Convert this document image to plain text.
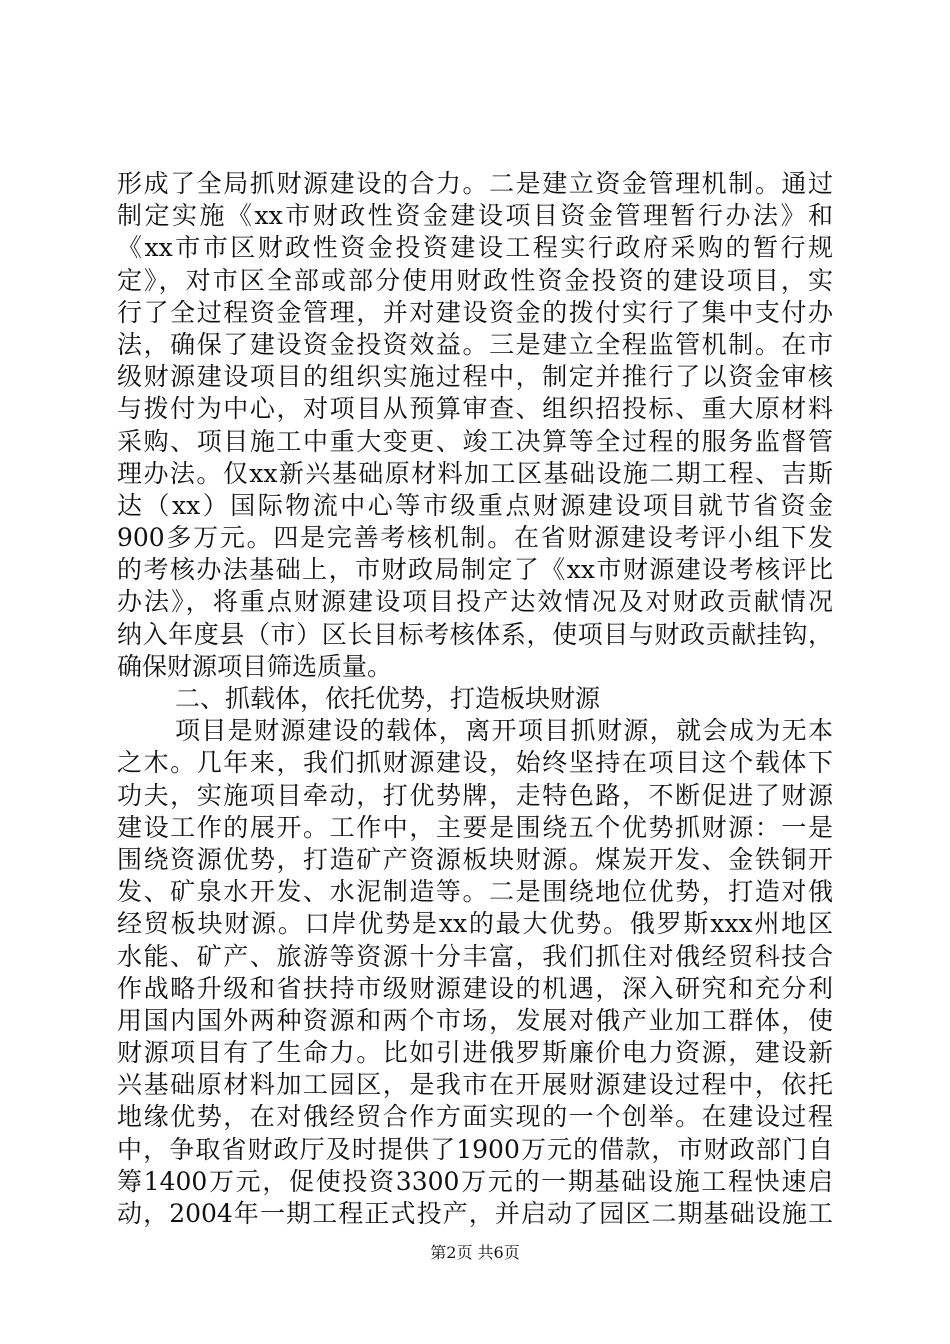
形成了全局抓财源建设的合力。二是建立资金管理机制。通过
制定实施《xx市财政性资金建设项目资金管理暂行办法》和
《xx市市区财政性资金投资建设工程实行政府采购的暂行规
定》，对市区全部或部分使用财政性资金投资的建设项目，实
行了全过程资金管理，并对建设资金的拨付实行了集中支付办
法，确保了建设资金投资效益。三是建立全程监管机制。在市
级财源建设项目的组织实施过程中，制定并推行了以资金审核
与拨付为中心，对项目从预算审查、组织招投标、重大原材料
采购、项目施工中重大变更、竣工决算等全过程的服务监督管
理办法。仅xx新兴基础原材料加工区基础设施二期工程、吉斯
达（xx）国际物流中心等市级重点财源建设项目就节省资金
900多万元。四是完善考核机制。在省财源建设考评小组下发
的考核办法基础上，市财政局制定了《xx市财源建设考核评比
办法》，将重点财源建设项目投产达效情况及对财政贡献情况
纳入年度县（市）区长目标考核体系，使项目与财政贡献挂钩，
确保财源项目筛选质量。
二、抓载体，依托优势，打造板块财源
项目是财源建设的载体，离开项目抓财源，就会成为无本
之木。几年来，我们抓财源建设，始终坚持在项目这个载体下
功夫，实施项目牵动，打优势牌，走特色路，不断促进了财源
建设工作的展开。工作中，主要是围绕五个优势抓财源：一是
围绕资源优势，打造矿产资源板块财源。煤炭开发、金铁铜开
发、矿泉水开发、水泥制造等。二是围绕地位优势，打造对俄
经贸板块财源。口岸优势是xx的最大优势。俄罗斯xxx州地区
水能、矿产、旅游等资源十分丰富，我们抓住对俄经贸科技合
作战略升级和省扶持市级财源建设的机遇，深入研究和充分利
用国内国外两种资源和两个市场，发展对俄产业加工群体，使
财源项目有了生命力。比如引进俄罗斯廉价电力资源，建设新
兴基础原材料加工园区，是我市在开展财源建设过程中，依托
地缘优势，在对俄经贸合作方面实现的一个创举。在建设过程
中，争取省财政厅及时提供了1900万元的借款，市财政部门自
筹1400万元，促使投资3300万元的一期基础设施工程快速启
动，2004年一期工程正式投产，并启动了园区二期基础设施工
第2页 共6页
